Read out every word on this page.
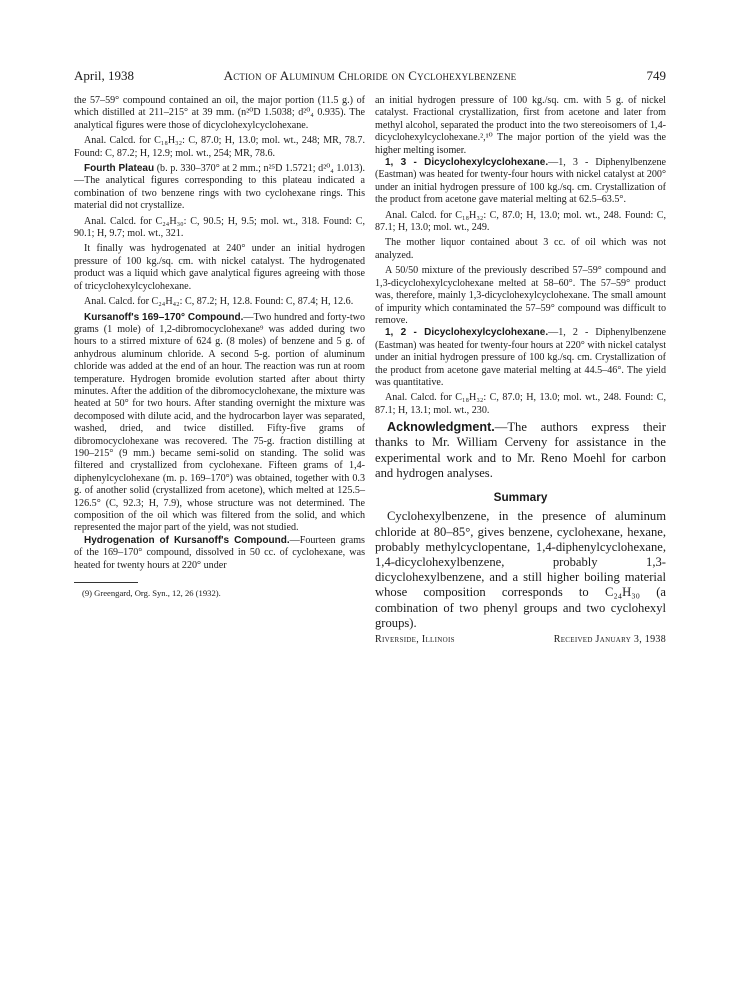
April, 1938	Action of Aluminum Chloride on Cyclohexylbenzene	749

the 57–59° compound contained an oil, the major portion (11.5 g.) of which distilled at 211–215° at 39 mm. (n²⁰D 1.5038; d²⁰₄ 0.935). The analytical figures were those of dicyclohexylcyclohexane.

Anal. Calcd. for C₁₈H₃₂: C, 87.0; H, 13.0; mol. wt., 248; MR, 78.7. Found: C, 87.2; H, 12.9; mol. wt., 254; MR, 78.6.

Fourth Plateau (b. p. 330–370° at 2 mm.; n²⁵D 1.5721; d²⁰₄ 1.013).—The analytical figures corresponding to this plateau indicated a combination of two benzene rings with two cyclohexane rings. This material did not crystallize.

Anal. Calcd. for C₂₄H₃₀: C, 90.5; H, 9.5; mol. wt., 318. Found: C, 90.1; H, 9.7; mol. wt., 321.

It finally was hydrogenated at 240° under an initial hydrogen pressure of 100 kg./sq. cm. with nickel catalyst. The hydrogenated product was a liquid which gave analytical figures agreeing with those of tricyclohexylcyclohexane.

Anal. Calcd. for C₂₄H₄₂: C, 87.2; H, 12.8. Found: C, 87.4; H, 12.6.

Kursanoff's 169–170° Compound.—Two hundred and forty-two grams (1 mole) of 1,2-dibromocyclohexane⁹ was added during two hours to a stirred mixture of 624 g. (8 moles) of benzene and 5 g. of anhydrous aluminum chloride. A second 5-g. portion of aluminum chloride was added at the end of an hour. The reaction was run at room temperature. Hydrogen bromide evolution started after about thirty minutes. After the addition of the dibromocyclohexane, the mixture was heated at 50° for two hours. After standing overnight the mixture was decomposed with dilute acid, and the hydrocarbon layer was separated, washed, dried, and twice distilled. Fifty-five grams of dibromocyclohexane was recovered. The 75-g. fraction distilling at 190–215° (9 mm.) became semi-solid on standing. The solid was filtered and crystallized from cyclohexane. Fifteen grams of 1,4-diphenylcyclohexane (m. p. 169–170°) was obtained, together with 0.3 g. of another solid (crystallized from acetone), which melted at 125.5–126.5° (C, 92.3; H, 7.9), whose structure was not determined. The composition of the oil which was filtered from the solid, and which represented the major part of the yield, was not studied.

Hydrogenation of Kursanoff's Compound.—Fourteen grams of the 169–170° compound, dissolved in 50 cc. of cyclohexane, was heated for twenty hours at 220° under

(9) Greengard, Org. Syn., 12, 26 (1932).

an initial hydrogen pressure of 100 kg./sq. cm. with 5 g. of nickel catalyst. Fractional crystallization, first from acetone and later from methyl alcohol, separated the product into the two stereoisomers of 1,4-dicyclohexylcyclohexane.²,¹⁰ The major portion of the yield was the higher melting isomer.

1, 3 - Dicyclohexylcyclohexane.—1, 3 - Diphenylbenzene (Eastman) was heated for twenty-four hours with nickel catalyst at 200° under an initial hydrogen pressure of 100 kg./sq. cm. Crystallization of the product from acetone gave material melting at 62.5–63.5°.

Anal. Calcd. for C₁₈H₃₂: C, 87.0; H, 13.0; mol. wt., 248. Found: C, 87.1; H, 13.0; mol. wt., 249.

The mother liquor contained about 3 cc. of oil which was not analyzed.

A 50/50 mixture of the previously described 57–59° compound and 1,3-dicyclohexylcyclohexane melted at 58–60°. The 57–59° product was, therefore, mainly 1,3-dicyclohexylcyclohexane. The small amount of impurity which contaminated the 57–59° compound was difficult to remove.

1, 2 - Dicyclohexylcyclohexane.—1, 2 - Diphenylbenzene (Eastman) was heated for twenty-four hours at 220° with nickel catalyst under an initial hydrogen pressure of 100 kg./sq. cm. Crystallization of the product from acetone gave material melting at 44.5–46°. The yield was quantitative.

Anal. Calcd. for C₁₈H₃₂: C, 87.0; H, 13.0; mol. wt., 248. Found: C, 87.1; H, 13.1; mol. wt., 230.

Acknowledgment.—The authors express their thanks to Mr. William Cerveny for assistance in the experimental work and to Mr. Reno Moehl for carbon and hydrogen analyses.

Summary

Cyclohexylbenzene, in the presence of aluminum chloride at 80–85°, gives benzene, cyclohexane, hexane, probably methylcyclopentane, 1,4-diphenylcyclohexane, 1,4-dicyclohexylbenzene, probably 1,3-dicyclohexylbenzene, and a still higher boiling material whose composition corresponds to C₂₄H₃₀ (a combination of two phenyl groups and two cyclohexyl groups).

Riverside, Illinois	Received January 3, 1938
